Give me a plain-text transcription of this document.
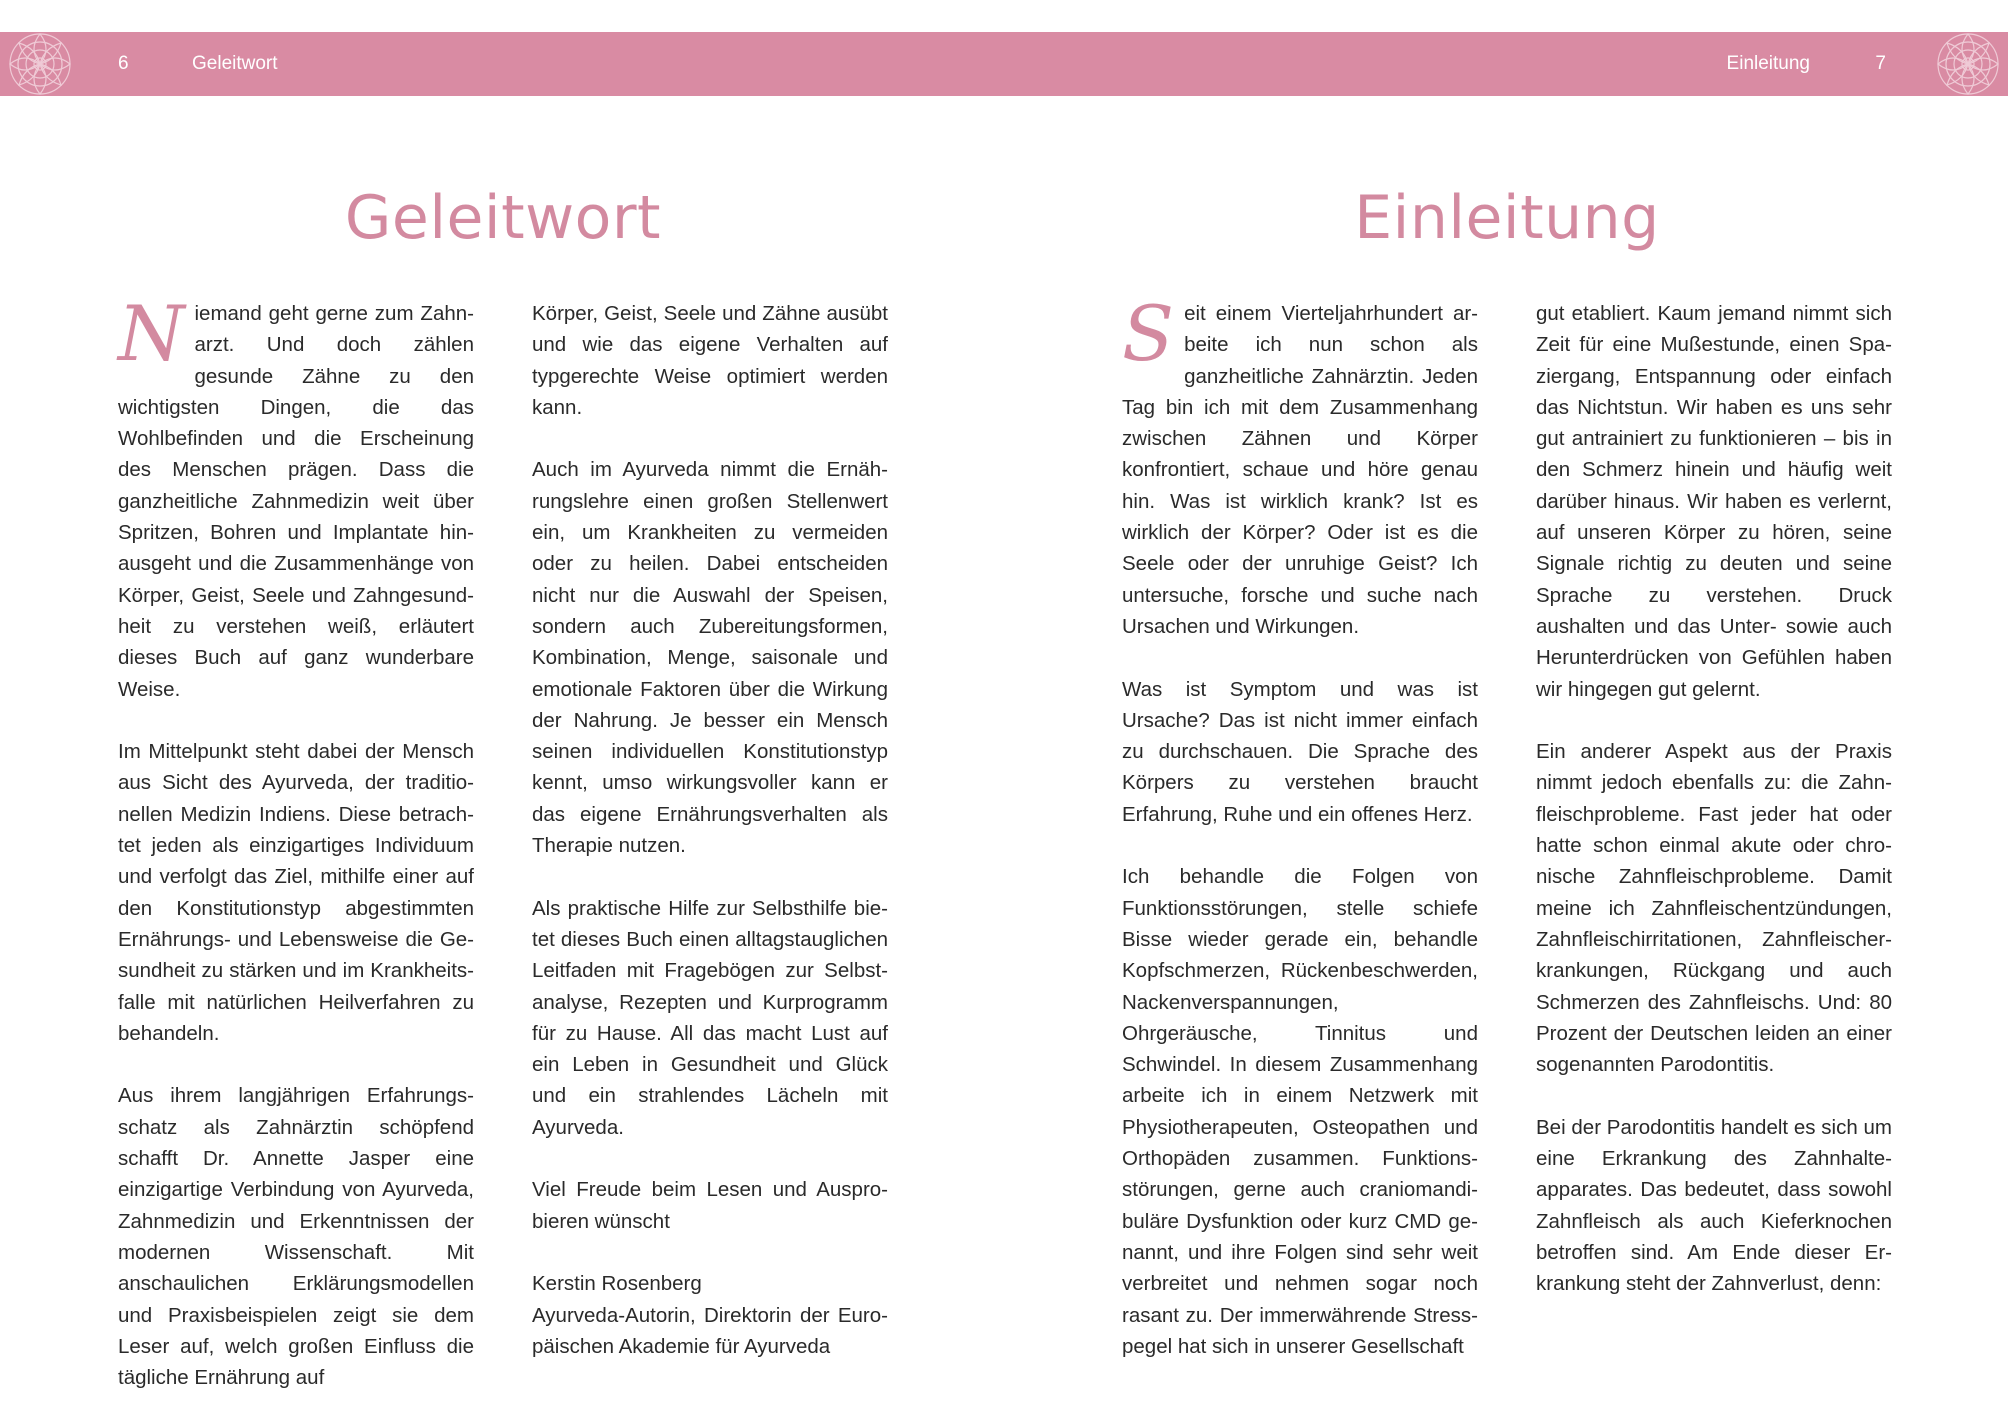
6	Geleitwort	Einleitung	7
Geleitwort

Niemand geht gerne zum Zahnarzt. Und doch zählen gesunde Zähne zu den wichtigsten Dingen, die das Wohlbefinden und die Erscheinung des Menschen prägen. Dass die ganzheitliche Zahnmedizin weit über Spritzen, Bohren und Implantate hinausgeht und die Zusammenhänge von Körper, Geist, Seele und Zahngesundheit zu verstehen weiß, erläutert dieses Buch auf ganz wunderbare Weise.

Im Mittelpunkt steht dabei der Mensch aus Sicht des Ayurveda, der traditionellen Medizin Indiens. Diese betrachtet jeden als einzigartiges Individuum und verfolgt das Ziel, mithilfe einer auf den Konstitutionstyp abgestimmten Ernährungs- und Lebensweise die Gesundheit zu stärken und im Krankheitsfalle mit natürlichen Heilverfahren zu behandeln.

Aus ihrem langjährigen Erfahrungsschatz als Zahnärztin schöpfend schafft Dr. Annette Jasper eine einzigartige Verbindung von Ayurveda, Zahnmedizin und Erkenntnissen der modernen Wissenschaft. Mit anschaulichen Erklärungsmodellen und Praxisbeispielen zeigt sie dem Leser auf, welch großen Einfluss die tägliche Ernährung auf

Körper, Geist, Seele und Zähne ausübt und wie das eigene Verhalten auf typgerechte Weise optimiert werden kann.

Auch im Ayurveda nimmt die Ernährungslehre einen großen Stellenwert ein, um Krankheiten zu vermeiden oder zu heilen. Dabei entscheiden nicht nur die Auswahl der Speisen, sondern auch Zubereitungsformen, Kombination, Menge, saisonale und emotionale Faktoren über die Wirkung der Nahrung. Je besser ein Mensch seinen individuellen Konstitutionstyp kennt, umso wirkungsvoller kann er das eigene Ernährungsverhalten als Therapie nutzen.

Als praktische Hilfe zur Selbsthilfe bietet dieses Buch einen alltagstauglichen Leitfaden mit Fragebögen zur Selbstanalyse, Rezepten und Kurprogramm für zu Hause. All das macht Lust auf ein Leben in Gesundheit und Glück und ein strahlendes Lächeln mit Ayurveda.

Viel Freude beim Lesen und Ausprobieren wünscht

Kerstin Rosenberg

Ayurveda-Autorin, Direktorin der Europäischen Akademie für Ayurveda

Einleitung

Seit einem Vierteljahrhundert arbeite ich nun schon als ganzheitliche Zahnärztin. Jeden Tag bin ich mit dem Zusammenhang zwischen Zähnen und Körper konfrontiert, schaue und höre genau hin. Was ist wirklich krank? Ist es wirklich der Körper? Oder ist es die Seele oder der unruhige Geist? Ich untersuche, forsche und suche nach Ursachen und Wirkungen.

Was ist Symptom und was ist Ursache? Das ist nicht immer einfach zu durchschauen. Die Sprache des Körpers zu verstehen braucht Erfahrung, Ruhe und ein offenes Herz.

Ich behandle die Folgen von Funktionsstörungen, stelle schiefe Bisse wieder gerade ein, behandle Kopfschmerzen, Rückenbeschwerden, Nackenverspannungen, Ohrgeräusche, Tinnitus und Schwindel. In diesem Zusammenhang arbeite ich in einem Netzwerk mit Physiotherapeuten, Osteopathen und Orthopäden zusammen. Funktionsstörungen, gerne auch craniomandibuläre Dysfunktion oder kurz CMD genannt, und ihre Folgen sind sehr weit verbreitet und nehmen sogar noch rasant zu. Der immerwährende Stresspegel hat sich in unserer Gesellschaft

gut etabliert. Kaum jemand nimmt sich Zeit für eine Mußestunde, einen Spaziergang, Entspannung oder einfach das Nichtstun. Wir haben es uns sehr gut antrainiert zu funktionieren – bis in den Schmerz hinein und häufig weit darüber hinaus. Wir haben es verlernt, auf unseren Körper zu hören, seine Signale richtig zu deuten und seine Sprache zu verstehen. Druck aushalten und das Unter- sowie auch Herunterdrücken von Gefühlen haben wir hingegen gut gelernt.

Ein anderer Aspekt aus der Praxis nimmt jedoch ebenfalls zu: die Zahnfleischprobleme. Fast jeder hat oder hatte schon einmal akute oder chronische Zahnfleischprobleme. Damit meine ich Zahnfleischentzündungen, Zahnfleischirritationen, Zahnfleischerkrankungen, Rückgang und auch Schmerzen des Zahnfleischs. Und: 80 Prozent der Deutschen leiden an einer sogenannten Parodontitis.

Bei der Parodontitis handelt es sich um eine Erkrankung des Zahnhalteapparates. Das bedeutet, dass sowohl Zahnfleisch als auch Kieferknochen betroffen sind. Am Ende dieser Erkrankung steht der Zahnverlust, denn:
